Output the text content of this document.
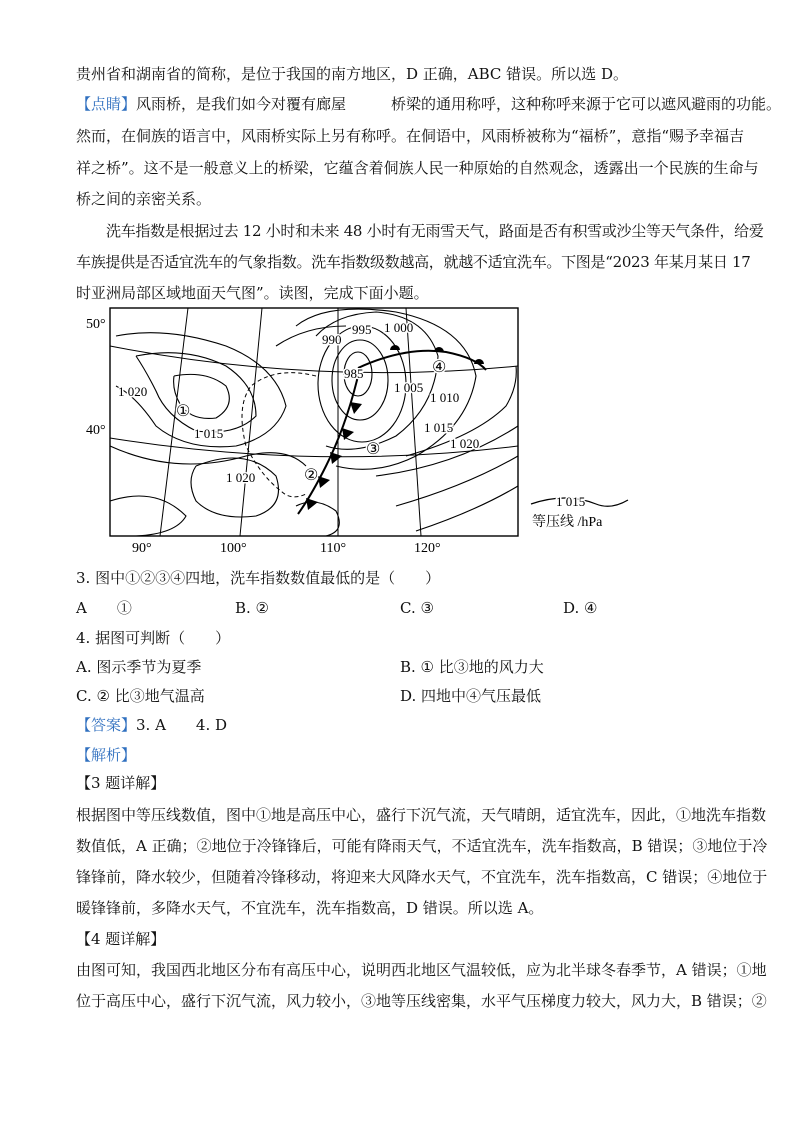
贵州省和湖南省的简称，是位于我国的南方地区，D 正确，ABC 错误。所以选 D。
【点睛】风雨桥，是我们如今对覆有廊屋　　　桥梁的通用称呼，这种称呼来源于它可以遮风避雨的功能。
然而，在侗族的语言中，风雨桥实际上另有称呼。在侗语中，风雨桥被称为“福桥”，意指“赐予幸福吉
祥之桥”。这不是一般意义上的桥梁，它蕴含着侗族人民一种原始的自然观念，透露出一个民族的生命与
桥之间的亲密关系。
洗车指数是根据过去 12 小时和未来 48 小时有无雨雪天气，路面是否有积雪或沙尘等天气条件，给爱
车族提供是否适宜洗车的气象指数。洗车指数级数越高，就越不适宜洗车。下图是“2023 年某月某日 17
时亚洲局部区域地面天气图”。读图，完成下面小题。
50°
40°
90°	100°	110°	120°
990
995 1 000
985
1 020	1 005
1 010
1 015	1 015
1 020
1 020
①
②
③
④
1 015
等压线 /hPa
3. 图中①②③④四地，洗车指数数值最低的是（　　）
A　　①	B. ②	C. ③	D. ④
4. 据图可判断（　　）
A. 图示季节为夏季	B. ① 比③地的风力大
C. ② 比③地气温高	D. 四地中④气压最低
【答案】3. A　　4. D
【解析】
【3 题详解】
根据图中等压线数值，图中①地是高压中心，盛行下沉气流，天气晴朗，适宜洗车，因此，①地洗车指数
数值低，A 正确；②地位于冷锋锋后，可能有降雨天气，不适宜洗车，洗车指数高，B 错误；③地位于冷
锋锋前，降水较少，但随着冷锋移动，将迎来大风降水天气，不宜洗车，洗车指数高，C 错误；④地位于
暖锋锋前，多降水天气，不宜洗车，洗车指数高，D 错误。所以选 A。
【4 题详解】
由图可知，我国西北地区分布有高压中心，说明西北地区气温较低，应为北半球冬春季节，A 错误；①地
位于高压中心，盛行下沉气流，风力较小，③地等压线密集，水平气压梯度力较大，风力大，B 错误；②
